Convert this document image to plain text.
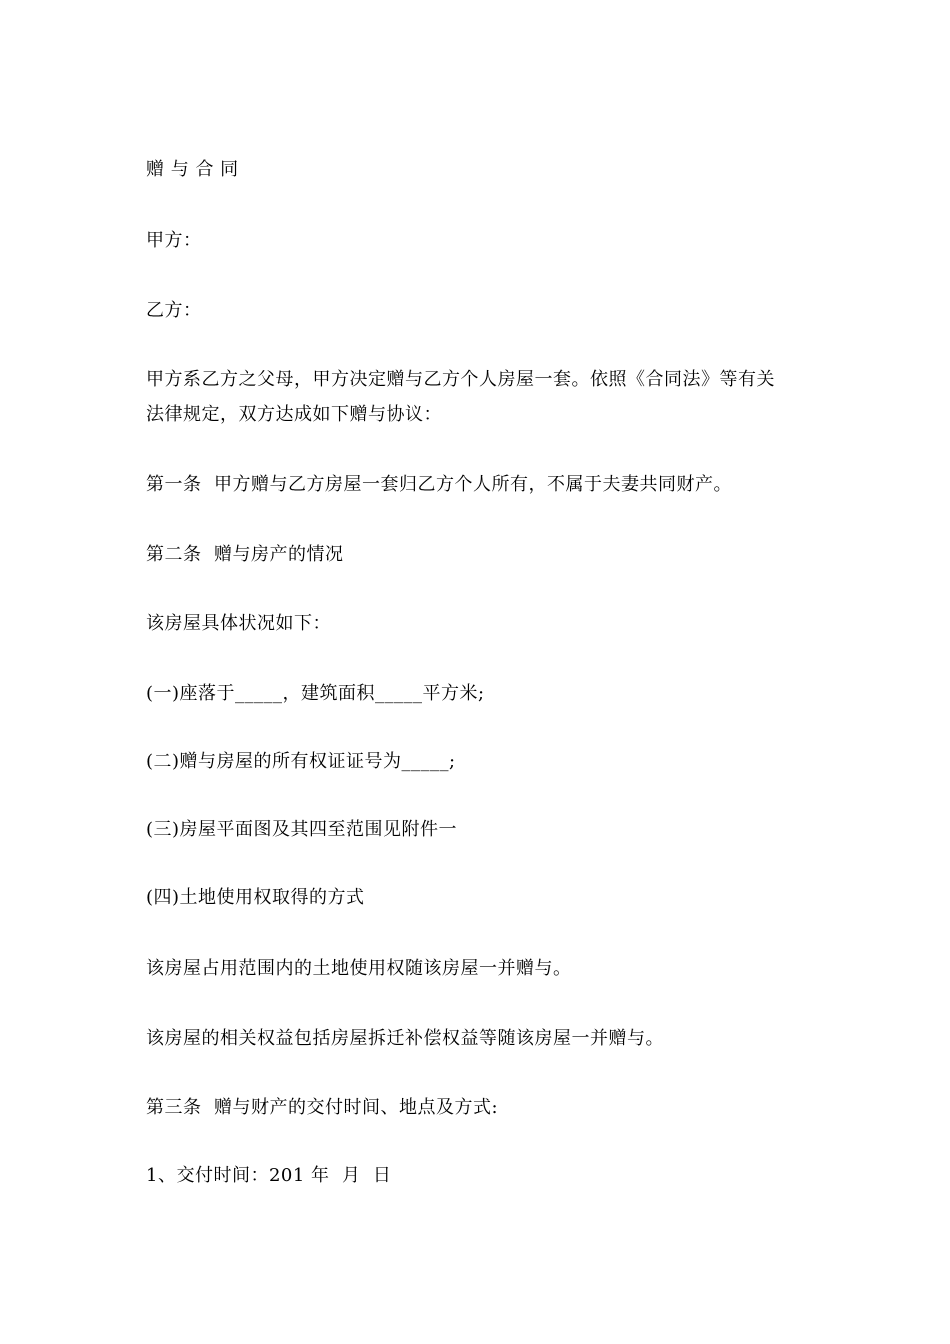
赠 与 合 同

甲方：

乙方：

甲方系乙方之父母，甲方决定赠与乙方个人房屋一套。依照《合同法》等有关

法律规定，双方达成如下赠与协议：

第一条  甲方赠与乙方房屋一套归乙方个人所有，不属于夫妻共同财产。

第二条  赠与房产的情况

该房屋具体状况如下：

(一)座落于_____，建筑面积_____平方米;

(二)赠与房屋的所有权证证号为_____;

(三)房屋平面图及其四至范围见附件一

(四)土地使用权取得的方式

该房屋占用范围内的土地使用权随该房屋一并赠与。

该房屋的相关权益包括房屋拆迁补偿权益等随该房屋一并赠与。

第三条  赠与财产的交付时间、地点及方式:

1、交付时间：201 年  月  日
